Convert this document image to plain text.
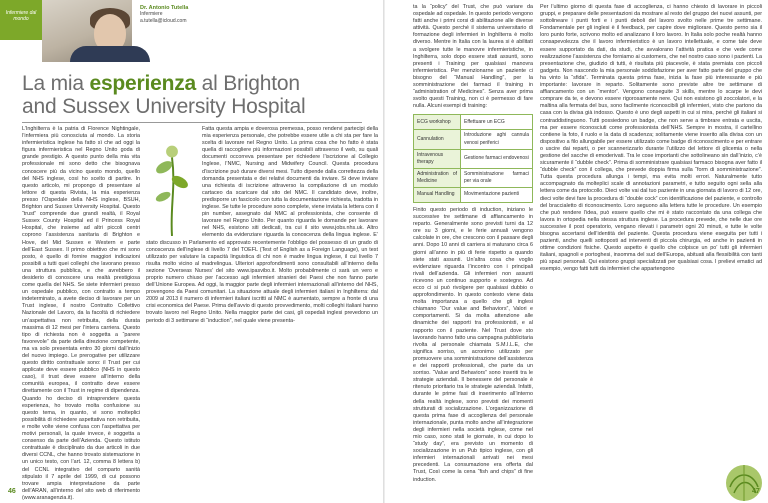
Infermiere dal mondo
Dr. Antonio Tutella
Infermiere
a.tutella@icloud.com
La mia esperienza al Brighton
and Sussex University Hospital

L’Inghilterra è la patria di Florence Nightingale, l’infermiera più conosciuta al mondo. La storia infermieristica inglese ha fatto sì che ad oggi la figura infermieristica nel Regno Unito goda di grande prestigio. A questo punto della mia vita professionale mi sono detto che bisognava conoscere più da vicino questo mondo, quello del NHS inglese, così ho scelto di partire. In questo articolo, mi propongo di presentare al lettore di questa Rivista, la mia esperienza presso l’Ospedale della NHS inglese, BSUH, Brighton and Sussex University Hospital. Questo “trust” comprende due grandi realtà, il Royal Sussex County Hospital ed il Princess Royal Hospital, che insieme ad altri piccoli centri coprono l’assistenza sanitaria di Brighton e Hove, del Mid Sussex e Western e parte dell’East Sussex. Il primo obiettivo che mi sono posto, è quello di fornire maggiori indicazioni possibili a tutti quei colleghi che lavorano presso una struttura pubblica, e che avrebbero il desiderio di conoscere una realtà prestigiosa come quella del NHS. Se siete infermieri presso un ospedale pubblico, con contratto a tempo indeterminato, a avete deciso di lavorare per un Trust inglese, il nostro Contratto Collettivo Nazionale del Lavoro, da la facoltà di richiedere un’aspettativa non retribuita, della durata massima di 12 mesi per l’intera carriera. Questo tipo di richiesta non è soggetta a “parere favorevole” da parte della direzione competente, ma va solo presentata entro 30 giorni dall’inizio del nuovo impiego. Le prerogative per utilizzare questo diritto contrattuale sono: il Trust per cui applicate deve essere pubblico (NHS in questo caso), il trust deve essere all’interno della comunità europea, il contratto deve essere direttamente con il Trust in regime di dipendenza. Quando ho deciso di intraprendere questa esperienza, ho trovato molta confusione su questo tema, in quanto, vi sono molteplici possibilità di richiedere aspettativa non retribuita, e molte volte viene confusa con l’aspettativa per motivi personali, la quale invece, è soggetta a consenso da parte dell’Azienda. Questo istituto contrattuale è disciplinato da due articoli in due diversi CCNL, che hanno trovato sistemazione in un unico testo, con l’art. 12, comma 8 lettera b) del CCNL integrativo del comparto sanità stipulato il 7 aprile del 1999, di cui possono trovare ampia interpretazione da parte dell’ARAN, all’interno del sito web di riferimento (www.aranagenzia.it).

Fatta questa ampia e doverosa premessa, posso rendervi partecipi della mia esperienza personale, che potrebbe essere utile a chi sta per fare la scelta di lavorare nel Regno Unito. La prima cosa che ho fatto è stata quella di raccogliere più informazioni possibili attraverso il web, su quali documenti occorreva presentare per richiedere l’iscrizione al Collegio Inglese, l’NMC, Nursing and Midwifery Council. Questa procedura d’iscrizione può durare diversi mesi. Tutto dipende dalla correttezza della domanda presentata e dei relativi documenti da inviare. Si deve inviare una richiesta di iscrizione attraverso la compilazione di un modulo cartaceo da scaricare dal sito del NMC. Il candidato deve, inoltre, predisporre un fascicolo con tutta la documentazione richiesta, tradotta in inglese. Se tutte le procedure sono complete, viene inviata la lettera con il pin number, assegnato dal NMC al professionista, che consente di lavorare nel Regno Unito. Per quanto riguarda le domande per lavorare nel NHS, esistono siti dedicati, tra cui il sito www.jobs.nhs.uk. Altro elemento da evidenziare riguarda la conoscenza della lingua inglese. E’ stato discusso in Parlamento ed approvato recentemente l’obbligo del possesso di un grado di conoscenza dell’inglese di livello 7 del TOEFL (Test of English as a Foreign Language), un test utilizzato per valutare la capacità linguistica di chi non è madre lingua inglese, il cui livello 7 risulta molto vicino al madrelingua. Ulteriori approfondimenti sono consultabili all’interno della sezione ‘Overseas Nurses’ del sito www.ipasvibo.it. Molto probabilmente ci sarà un vero e proprio numero chiuso per l’accesso agli infermieri stranieri dei Paesi che non fanno parte dell’Unione Europea. Ad oggi, la maggior parte degli infermieri internazionali all’interno del NHS, provengono da Paesi comunitari. La situazione attuale degli infermieri italiani in Inghilterra: dal 2009 al 2013 il numero di infermieri italiani iscritti al NMC è aumentato, sempre a fronte di una crisi economica del Paese. Prima dell’avvio di questo provvedimento, molti colleghi italiani hanno trovato lavoro nel Regno Unito. Nella maggior parte dei casi, gli ospedali inglesi prevedono un periodo di 3 settimane di “induction”, nel quale viene presenta-

46

ta la “policy” del Trust, che può variare da ospedale ad ospedale. In questo periodo vengono fatti anche i primi corsi di abilitazione alle diverse attività. Questo perché il sistema universitario di formazione degli infermieri in Inghilterra è molto diverso. Mentre in Italia con la laurea si è abilitati a svolgere tutte le manovre infermieristiche, in Inghilterra, solo dopo essere stati assunti, sono presenti i Training per qualsiasi manovra infermieristica. Per menzionarne un paziente ci bisogno del “Manual Handling”, per la somministrazione dei farmaci il training in “administration of Medicines”. Senza aver prima svolto questi Training, non ci è permesso di fare nulla. Alcuni esempi di training:

ECG workshop	Effettuare un ECG
Cannulation	Introduzione aghi cannula venosi periferici
Intravenous therapy	Gestione farmaci endovenosi
Administration of Medicine	Somministrazione farmaci per via orale
Manual Handling	Movimentazione pazienti

Finito questo periodo di induction, iniziano le successive tre settimane di affiancamento in reparto. Generalmente sono previsti turni da 12 ore su 3 giorni, e le ferie annuali vengono calcolate in ore, che crescono con il passare degli anni. Dopo 10 anni di carriera si maturano circa 6 giorni all’anno in più di ferie rispetto a quando siete stati assunti. Un’altra cosa che voglio evidenziare riguarda l’incontro con i principali rivali dell’azienda. Gli infermieri non assunti ricevono un continuo supporto e sostegno. Ad ecco ci si può rivolgere per qualsiasi dubbio o approfondimento. In questo contesto viene data molta importanza a quello che gli inglesi chiamano “Our value and Behaviors”, Valori e comportamenti. Si da molta attenzione alle dinamiche dei rapporti tra professionisti, e al rapporto con il paziente. Nel Trust dove sto lavorando hanno fatto una campagna pubblicitaria rivolta al personale chiamata S.M.I.L.E, che significa sorriso, un acronimo utilizzato per promuovere una somministrazione dell’assistenza e dei rapporti professionali, che parte da un sorriso. “Value and Behaviors” sono inseriti tra le strategie aziendali. Il benessere del personale è ritenuto prioritario tra le strategie aziendali. Infatti, durante le prime fasi di inserimento all’interno della realtà inglese, sono previsti dei momenti strutturati di socializzazione. L’organizzazione di questa prima fase di accoglienza del personale internazionale, punta molto anche all’integrazione degli infermieri nella società inglese, come nel mio caso, sono stati le giornate, in cui dopo lo “study day”, era previsto un momento di socializzazione in un Pub tipico inglese, con gli infermieri internazionali arrivati nei mesi precedenti. La consumazione era offerta dal Trust, Così come la cena “fish and chips” di fine induction.

Per l’ultimo giorno di questa fase di accoglienza, ci hanno chiesto di lavorare in piccoli gruppi, e preparare delle presentazioni da mostrare al resto del gruppo dei nuovi assunti, per sottolineare i punti forti e i punti deboli del lavoro svolto nelle prime tre settimane. Fondamentale per gli inglesi è il feedback, per capire dove migliorare. Questo perno sia il loro punto forte, scrivono molto ed analizzano il loro lavoro. In Italia solo poche realtà hanno consapevolezza che il lavoro infermieristico è un lavoro intellettuale, e come tale deve essere supportato da dati, da studi, che avvalorano l’attività pratica e che vede come realizzazione l’assistenza che forniamo ai customers, che nel nostro caso sono i pazienti. La presentazione che, giudizio di tutti, è risultata più piacevole, è stata premiata con piccoli gadgets. Non nascondo la mia personale soddisfazione per aver fatto parte del gruppo che ha vinto la “sfida”. Terminata questa prima fase, inizia la fase più interessante e più importante: lavorare in reparto. Solitamente sono previste altre tre settimane di affiancamento con un “mentor”. Vengono conseguite 3 skills, mentre lo scarpe le devi comprare da te, e devono essere rigorosamente nere. Qui non esistono gli zoccolatori, e la maltina alla fermata del bus, sono facilmente riconoscibili gli infermieri, visto che partono da casa con la divisa già indosso. Questo è uno degli aspetti in cui si mira, perché gli italiani si contraddistinguono. Tutti possiedono un badge, che non serve a timbrare entrata e uscita, ma per essere riconosciuti come professionista dell’NHS. Sempre in mostra, il cartellino contiene la foto, il ruolo e la data di scadenza; solitamente viene inserito alla divisa con un dispositivo a filo allungabile per essere utilizzato come badge di riconoscimento e per entrare o uscire dai reparti, o per scannerizzarlo durante l’utilizzo del lettore di glicemia o nella gestione del sacche di emoderivati. Tra le cose importanti che sottolineano sin dall’inizio, c’è sicuramente il “dubble check”. Prima di somministrare qualsiasi farmaco bisogna aver fatto il “dubble check” con il collega, che prevede doppia firma sulla “form di somministrazione”. Tutta questa procedura allunga i tempi, ma evita molti errori. Naturalmente tutto accompagnato da molteplici scale di annotazioni parametri, e tutto seguito ogni sella alla lettera come da protocollo. Dieci volte vai dal tuo paziente in una giornata di lavoro di 12 ore, dieci volte devi fare la procedura di “double cock” con identificazione del paziente, e controllo del braccialetto di riconoscimento. Loro seguono alla lettera tutte le procedure. Un esempio che può rendere l’idea, può essere quello che mi è stato raccontato da una collega che lavora in ortopedia nella stessa struttura inglese. La procedura prevede, che nelle due ore successive il post operatorio, vengano rilevati i parametri ogni 20 minuti, e tutte le volte bisogna accertarsi dell’identità del paziente. Questa procedura viene eseguita per tutti i pazienti, anche quelli sottoposti ad interventi di piccola chirurgia, ed anche in pazienti in ottime condizioni fisiche. Questo aspetto è quello che colpisce un po’ tutti gli infermieri italiani, spagnoli e portoghesi, insomma del sud dell’Europa, abituati alla flessibilità con tanti più spazi personali. Qui esistono gruppi specializzati per qualsiasi cosa. I prelievi ematici ad esempio, vengo fatti tutti da infermieri che appartengono

47
